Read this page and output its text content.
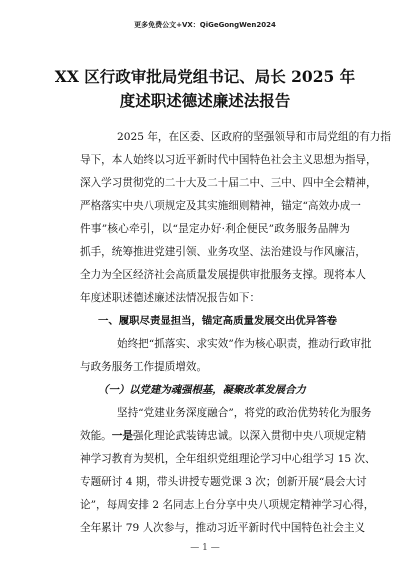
更多免费公文+VX：QiGeGongWen2024
XX 区行政审批局党组书记、局长 2025 年
度述职述德述廉述法报告
2025 年，在区委、区政府的坚强领导和市局党组的有力指
导下，本人始终以习近平新时代中国特色社会主义思想为指导，
深入学习贯彻党的二十大及二十届二中、三中、四中全会精神，
严格落实中央八项规定及其实施细则精神，锚定“高效办成一
件事”核心牵引，以“昰定办好·利企便民”政务服务品牌为
抓手，统筹推进党建引领、业务攻坚、法治建设与作风廉洁，
全力为全区经济社会高质量发展提供审批服务支撑。现将本人
年度述职述德述廉述法情况报告如下：
一、履职尽责显担当，锚定高质量发展交出优异答卷
始终把“抓落实、求实效”作为核心职责，推动行政审批
与政务服务工作提质增效。
（一）以党建为魂强根基，凝聚改革发展合力
坚持“党建业务深度融合”，将党的政治优势转化为服务
效能。一是强化理论武装铸忠诚。以深入贯彻中央八项规定精
神学习教育为契机，全年组织党组理论学习中心组学习 15 次、
专题研讨 4 期，带头讲授专题党课 3 次；创新开展“晨会大讨
论”，每周安排 2 名同志上台分享中央八项规定精神学习心得，
全年累计 79 人次参与，推动习近平新时代中国特色社会主义
— 1 —
